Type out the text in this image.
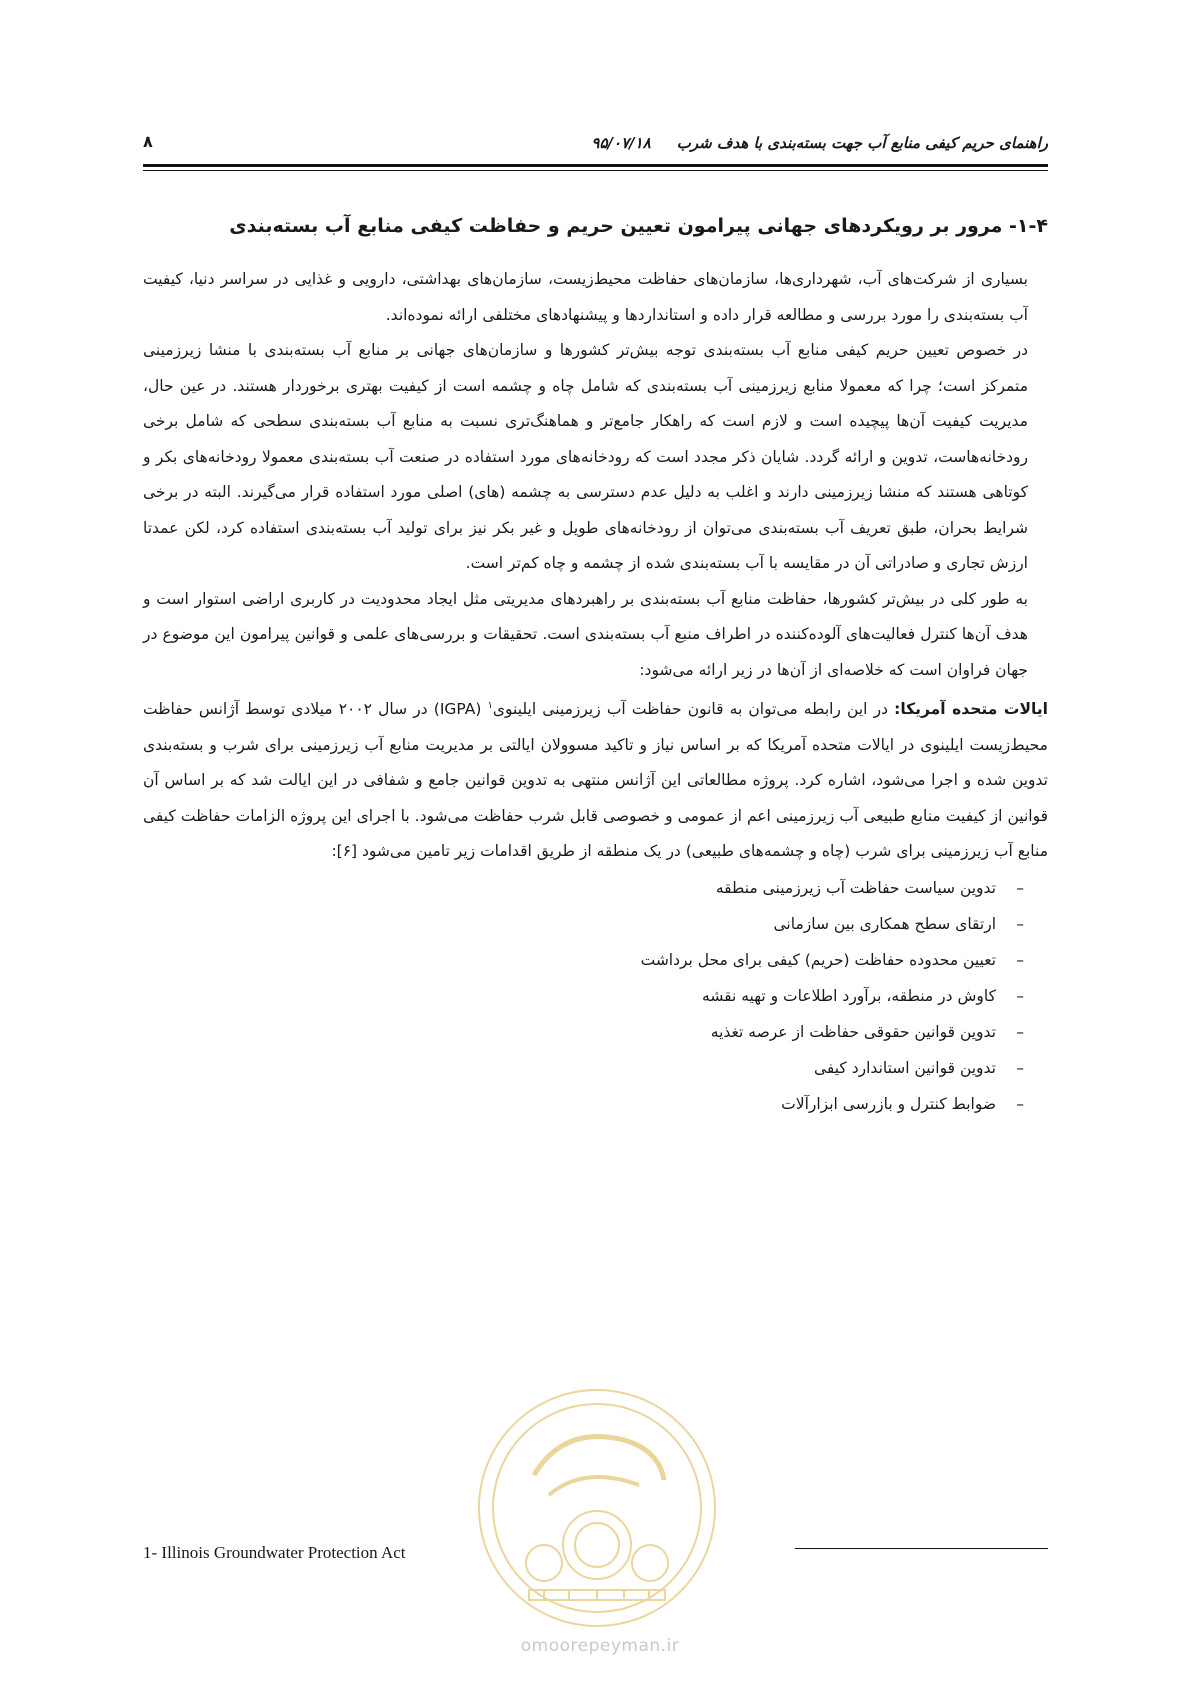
راهنمای حریم کیفی منابع آب جهت بسته‌بندی با هدف شرب
۹۵/۰۷/۱۸
۸
۱-۴- مرور بر رویکردهای جهانی پیرامون تعیین حریم و حفاظت کیفی منابع آب بسته‌بندی

بسیاری از شرکت‌های آب، شهرداری‌ها، سازمان‌های حفاظت محیط‌زیست، سازمان‌های بهداشتی، دارویی و غذایی در سراسر دنیا، کیفیت آب بسته‌بندی را مورد بررسی و مطالعه قرار داده و استانداردها و پیشنهادهای مختلفی ارائه نموده‌اند.

در خصوص تعیین حریم کیفی منابع آب بسته‌بندی توجه بیش‌تر کشورها و سازمان‌های جهانی بر منابع آب بسته‌بندی با منشا زیرزمینی متمرکز است؛ چرا که معمولا منابع زیرزمینی آب بسته‌بندی که شامل چاه و چشمه است از کیفیت بهتری برخوردار هستند. در عین حال، مدیریت کیفیت آن‌ها پیچیده است و لازم است که راهکار جامع‌تر و هماهنگ‌تری نسبت به منابع آب بسته‌بندی سطحی که شامل برخی رودخانه‌هاست، تدوین و ارائه گردد. شایان ذکر مجدد است که رودخانه‌های مورد استفاده در صنعت آب بسته‌بندی معمولا رودخانه‌های بکر و کوتاهی هستند که منشا زیرزمینی دارند و اغلب به دلیل عدم دسترسی به چشمه (های) اصلی مورد استفاده قرار می‌گیرند. البته در برخی شرایط بحران، طبق تعریف آب بسته‌بندی می‌توان از رودخانه‌های طویل و غیر بکر نیز برای تولید آب بسته‌بندی استفاده کرد، لکن عمدتا ارزش تجاری و صادراتی آن در مقایسه با آب بسته‌بندی شده از چشمه و چاه کم‌تر است.

به طور کلی در بیش‌تر کشورها، حفاظت منابع آب بسته‌بندی بر راهبردهای مدیریتی مثل ایجاد محدودیت در کاربری اراضی استوار است و هدف آن‌ها کنترل فعالیت‌های آلوده‌کننده در اطراف منبع آب بسته‌بندی است. تحقیقات و بررسی‌های علمی و قوانین پیرامون این موضوع در جهان فراوان است که خلاصه‌ای از آن‌ها در زیر ارائه می‌شود:

ایالات متحده آمریکا: در این رابطه می‌توان به قانون حفاظت آب زیرزمینی ایلینوی$^۱$ (IGPA) در سال ۲۰۰۲ میلادی توسط آژانس حفاظت محیط‌زیست ایلینوی در ایالات متحده آمریکا که بر اساس نیاز و تاکید مسوولان ایالتی بر مدیریت منابع آب زیرزمینی برای شرب و بسته‌بندی تدوین شده و اجرا می‌شود، اشاره کرد. پروژه مطالعاتی این آژانس منتهی به تدوین قوانین جامع و شفافی در این ایالت شد که بر اساس آن قوانین از کیفیت منابع طبیعی آب زیرزمینی اعم از عمومی و خصوصی قابل شرب حفاظت می‌شود. با اجرای این پروژه الزامات حفاظت کیفی منابع آب زیرزمینی برای شرب (چاه و چشمه‌های طبیعی) در یک منطقه از طریق اقدامات زیر تامین می‌شود [۶]:

–
تدوین سیاست حفاظت آب زیرزمینی منطقه
–
ارتقای سطح همکاری بین سازمانی
–
تعیین محدوده حفاظت (حریم) کیفی برای محل برداشت
–
کاوش در منطقه، برآورد اطلاعات و تهیه نقشه
–
تدوین قوانین حقوقی حفاظت از عرصه تغذیه
–
تدوین قوانین استاندارد کیفی
–
ضوابط کنترل و بازرسی ابزارآلات
omoorepeyman.ir
1- Illinois Groundwater Protection Act
